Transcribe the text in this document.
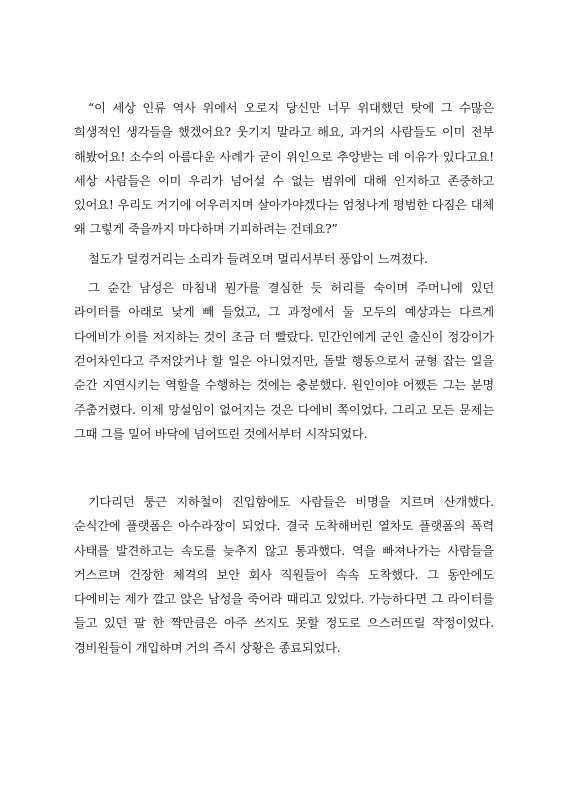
“이 세상 인류 역사 위에서 오로지 당신만 너무 위대했던 탓에 그 수많은 희생적인 생각들을 했겠어요? 웃기지 말라고 해요, 과거의 사람들도 이미 전부 해봤어요! 소수의 아름다운 사례가 굳이 위인으로 추앙받는 데 이유가 있다고요! 세상 사람들은 이미 우리가 넘어설 수 없는 범위에 대해 인지하고 존중하고 있어요! 우리도 거기에 어우러지며 살아가야겠다는 엄청나게 평범한 다짐은 대체 왜 그렇게 죽을까지 마다하며 기피하려는 건데요?”

철도가 덜컹거리는 소리가 들려오며 멀리서부터 풍압이 느껴졌다.

그 순간 남성은 마침내 뭔가를 결심한 듯 허리를 숙이며 주머니에 있던 라이터를 아래로 낮게 빼 들었고, 그 과정에서 둘 모두의 예상과는 다르게 다에비가 이를 저지하는 것이 조금 더 빨랐다. 민간인에게 군인 출신이 정강이가 걷어차인다고 주저앉거나 할 일은 아니었지만, 돌발 행동으로서 균형 잡는 일을 순간 지연시키는 역할을 수행하는 것에는 충분했다. 원인이야 어쨌든 그는 분명 주춤거렸다. 이제 망설임이 없어지는 것은 다에비 쪽이었다. 그리고 모든 문제는 그때 그를 밀어 바닥에 넘어뜨린 것에서부터 시작되었다.

기다리던 퉁근 지하철이 진입함에도 사람들은 비명을 지르며 산개했다. 순식간에 플랫폼은 아수라장이 되었다. 결국 도착해버린 열차도 플랫폼의 폭력 사태를 발견하고는 속도를 늦추지 않고 통과했다. 역을 빠져나가는 사람들을 거스르며 건장한 체격의 보안 회사 직원들이 속속 도착했다. 그 동안에도 다에비는 제가 깔고 앉은 남성을 죽어라 때리고 있었다. 가능하다면 그 라이터를 들고 있던 팔 한 짝만큼은 아주 쓰지도 못할 정도로 으스러뜨릴 작정이었다. 경비원들이 개입하며 거의 즉시 상황은 종료되었다.
